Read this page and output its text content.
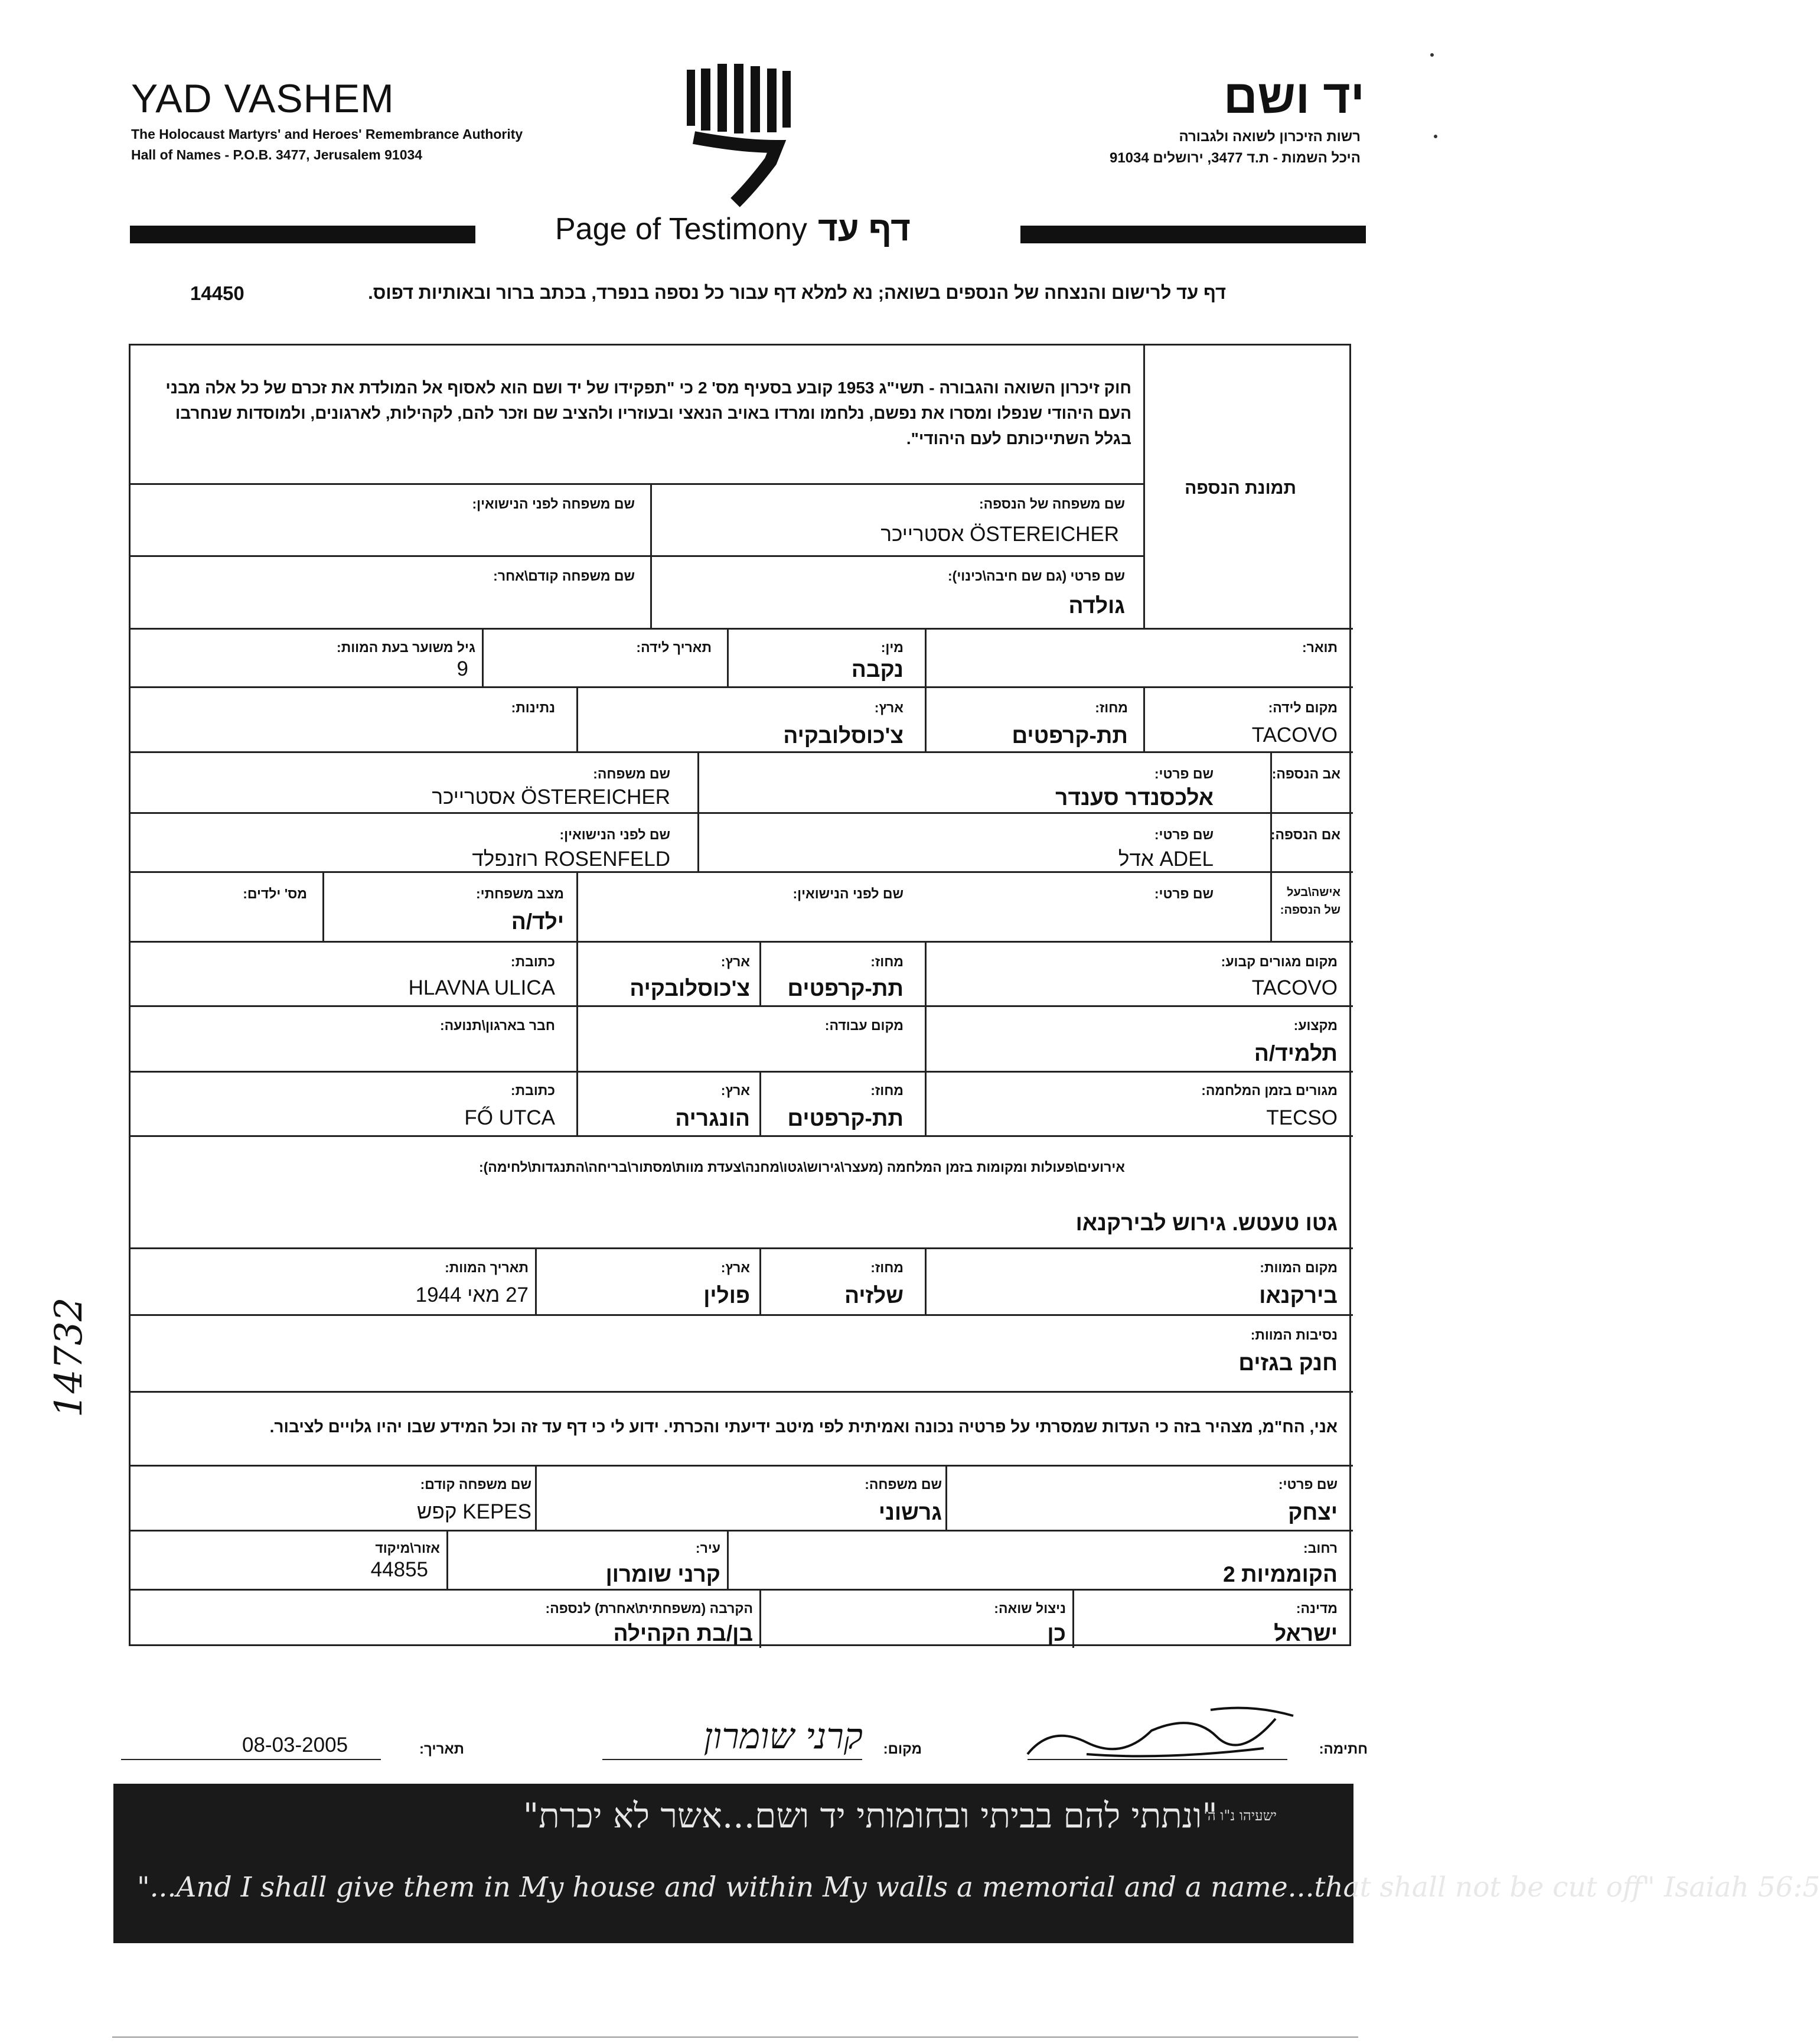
YAD VASHEM
The Holocaust Martyrs' and Heroes' Remembrance Authority
Hall of Names - P.O.B. 3477, Jerusalem 91034
יד ושם
רשות הזיכרון לשואה ולגבורה
היכל השמות - ת.ד 3477, ירושלים 91034
Page of Testimony דף עד
דף עד לרישום והנצחה של הנספים בשואה; נא למלא דף עבור כל נספה בנפרד, בכתב ברור ובאותיות דפוס.
14450
חוק זיכרון השואה והגבורה - תשי"ג 1953 קובע בסעיף מס' 2 כי "תפקידו של יד ושם הוא לאסוף אל המולדת את זכרם של כל אלה מבני העם היהודי שנפלו ומסרו את נפשם, נלחמו ומרדו באויב הנאצי ובעוזריו ולהציב שם וזכר להם, לקהילות, לארגונים, ולמוסדות שנחרבו בגלל השתייכותם לעם היהודי".
תמונת הנספה
שם משפחה של הנספה:
אסטרייכר ÖSTEREICHER
שם משפחה לפני הנישואין:
שם פרטי (גם שם חיבה\כינוי):
גולדה
שם משפחה קודם\אחר:
תואר:
מין:
נקבה
תאריך לידה:
גיל משוער בעת המוות:
9
מקום לידה:
TACOVO
מחוז:
תת-קרפטים
ארץ:
צ'כוסלובקיה
נתינות:
אב הנספה:
שם פרטי:
אלכסנדר סענדר
שם משפחה:
אסטרייכר ÖSTEREICHER
אם הנספה:
שם פרטי:
אדל ADEL
שם לפני הנישואין:
רוזנפלד ROSENFELD
אישה\בעל
של הנספה:
שם פרטי:
שם לפני הנישואין:
מצב משפחתי:
ילד/ה
מס' ילדים:
מקום מגורים קבוע:
TACOVO
מחוז:
תת-קרפטים
ארץ:
צ'כוסלובקיה
כתובת:
HLAVNA ULICA
מקצוע:
תלמיד/ה
מקום עבודה:
חבר בארגון\תנועה:
מגורים בזמן המלחמה:
TECSO
מחוז:
תת-קרפטים
ארץ:
הונגריה
כתובת:
FŐ UTCA
אירועים\פעולות ומקומות בזמן המלחמה (מעצר\גירוש\גטו\מחנה\צעדת מוות\מסתור\בריחה\התנגדות\לחימה):
גטו טעטש. גירוש לבירקנאו
מקום המוות:
בירקנאו
מחוז:
שלזיה
ארץ:
פולין
תאריך המוות:
27 מאי 1944
נסיבות המוות:
חנק בגזים
אני, הח"מ, מצהיר בזה כי העדות שמסרתי על פרטיה נכונה ואמיתית לפי מיטב ידיעתי והכרתי. ידוע לי כי דף עד זה וכל המידע שבו יהיו גלויים לציבור.
שם פרטי:
יצחק
שם משפחה:
גרשוני
שם משפחה קודם:
קפש KEPES
רחוב:
הקוממיות 2
עיר:
קרני שומרון
אזור\מיקוד
44855
מדינה:
ישראל
ניצול שואה:
כן
הקרבה (משפחתית\אחרת) לנספה:
בן/בת הקהילה
14732
חתימה:
מקום:
קרני שומרון
תאריך:
08-03-2005
"ונתתי להם בביתי ובחומותי יד ושם...אשר לא יכרת"
ישעיהו נ"ו ה'
"...And I shall give them in My house and within My walls a memorial and a name...that shall not be cut off" Isaiah 56:5
